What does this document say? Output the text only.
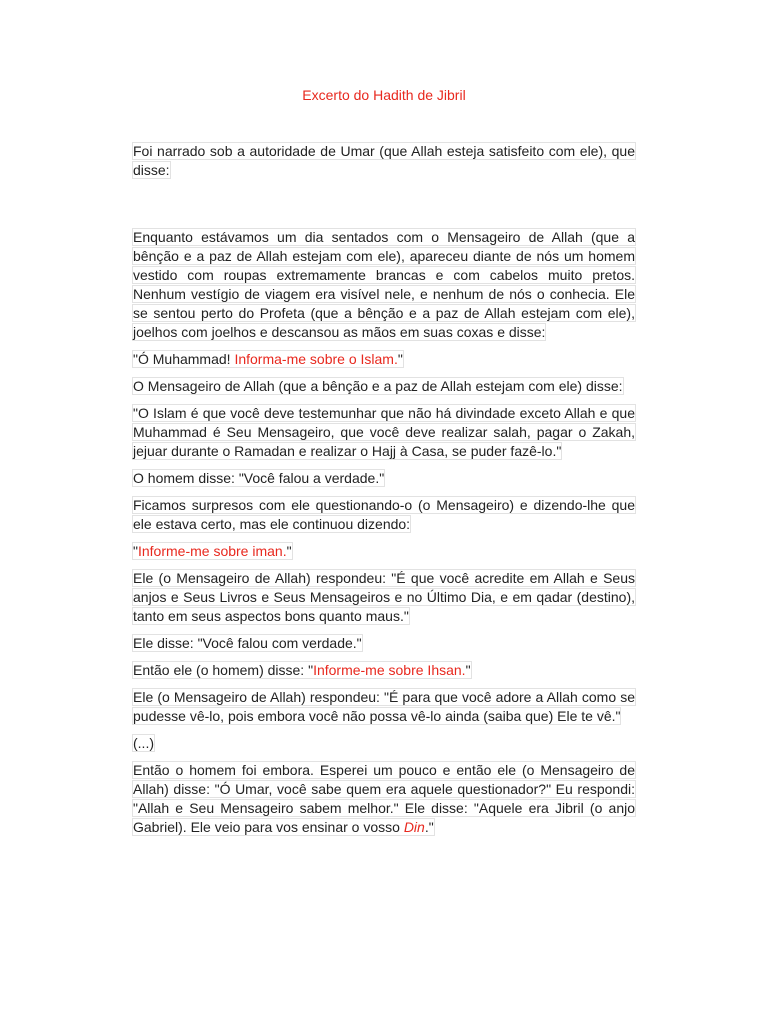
Excerto do Hadith de Jibril

Foi narrado sob a autoridade de Umar (que Allah esteja satisfeito com ele), que disse:

Enquanto estávamos um dia sentados com o Mensageiro de Allah (que a bênção e a paz de Allah estejam com ele), apareceu diante de nós um homem vestido com roupas extremamente brancas e com cabelos muito pretos. Nenhum vestígio de viagem era visível nele, e nenhum de nós o conhecia. Ele se sentou perto do Profeta (que a bênção e a paz de Allah estejam com ele), joelhos com joelhos e descansou as mãos em suas coxas e disse:

"Ó Muhammad! Informa-me sobre o Islam."

O Mensageiro de Allah (que a bênção e a paz de Allah estejam com ele) disse:

"O Islam é que você deve testemunhar que não há divindade exceto Allah e que Muhammad é Seu Mensageiro, que você deve realizar salah, pagar o Zakah, jejuar durante o Ramadan e realizar o Hajj à Casa, se puder fazê-lo."

O homem disse: "Você falou a verdade."

Ficamos surpresos com ele questionando-o (o Mensageiro) e dizendo-lhe que ele estava certo, mas ele continuou dizendo:

"Informe-me sobre iman."

Ele (o Mensageiro de Allah) respondeu: "É que você acredite em Allah e Seus anjos e Seus Livros e Seus Mensageiros e no Último Dia, e em qadar (destino), tanto em seus aspectos bons quanto maus."

Ele disse: "Você falou com verdade."

Então ele (o homem) disse: "Informe-me sobre Ihsan."

Ele (o Mensageiro de Allah) respondeu: "É para que você adore a Allah como se pudesse vê-lo, pois embora você não possa vê-lo ainda (saiba que) Ele te vê."

(...)

Então o homem foi embora. Esperei um pouco e então ele (o Mensageiro de Allah) disse: "Ó Umar, você sabe quem era aquele questionador?" Eu respondi: "Allah e Seu Mensageiro sabem melhor." Ele disse: "Aquele era Jibril (o anjo Gabriel). Ele veio para vos ensinar o vosso Din."
